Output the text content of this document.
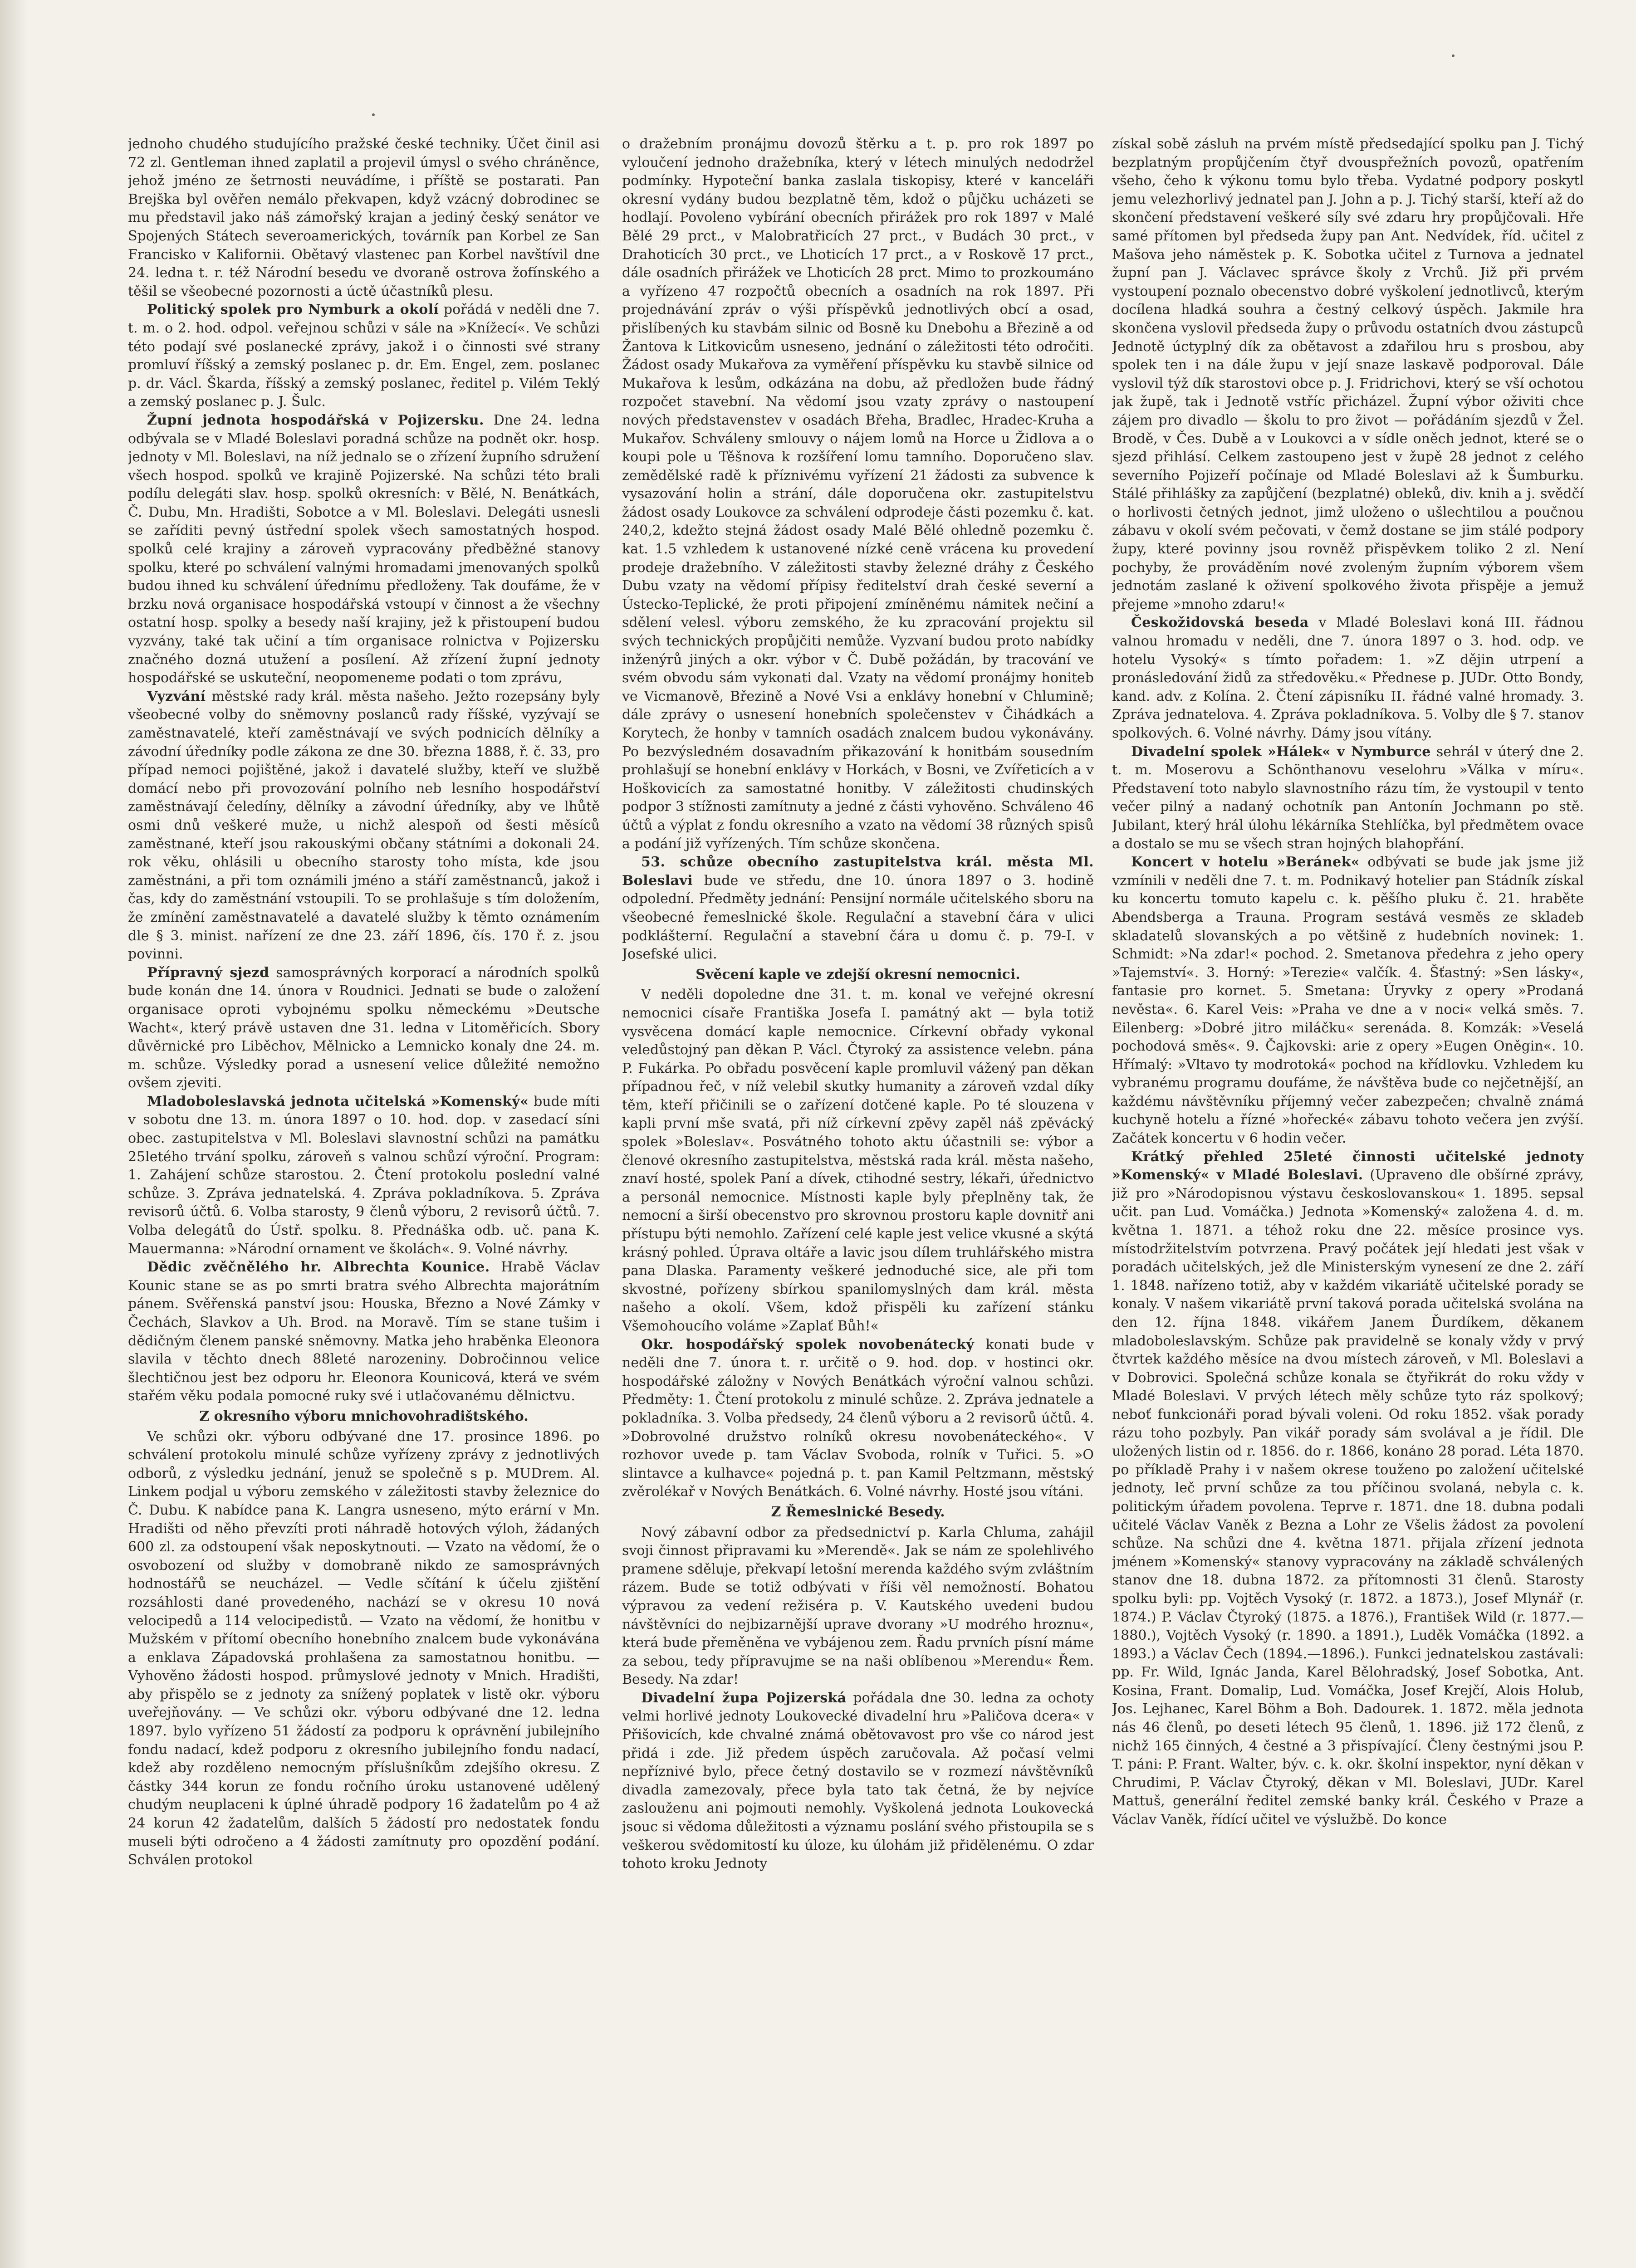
jednoho chudého studujícího pražské české techniky. Účet činil asi 72 zl. Gentleman ihned zaplatil a projevil úmysl o svého chráněnce, jehož jméno ze šetrnosti neuvádíme, i příště se postarati. Pan Brejška byl ověřen nemálo překvapen, když vzácný dobrodinec se mu představil jako náš zámořský krajan a jediný český senátor ve Spojených Státech severoamerických, továrník pan Korbel ze San Francisko v Kalifornii. Obětavý vlastenec pan Korbel navštívil dne 24. ledna t. r. též Národní besedu ve dvoraně ostrova žofínského a těšil se všeobecné pozornosti a úctě účastníků plesu.

Politický spolek pro Nymburk a okolí pořádá v neděli dne 7. t. m. o 2. hod. odpol. veřejnou schůzi v sále na »Knížecí«. Ve schůzi této podají své poslanecké zprávy, jakož i o činnosti své strany promluví říšský a zemský poslanec p. dr. Em. Engel, zem. poslanec p. dr. Václ. Škarda, říšský a zemský poslanec, ředitel p. Vilém Teklý a zemský poslanec p. J. Šulc.

Župní jednota hospodářská v Pojizersku. Dne 24. ledna odbývala se v Mladé Boleslavi poradná schůze na podnět okr. hosp. jednoty v Ml. Boleslavi, na níž jednalo se o zřízení župního sdružení všech hospod. spolků ve krajině Pojizerské. Na schůzi této brali podílu delegáti slav. hosp. spolků okresních: v Bělé, N. Benátkách, Č. Dubu, Mn. Hradišti, Sobotce a v Ml. Boleslavi. Delegáti usnesli se zaříditi pevný ústřední spolek všech samostatných hospod. spolků celé krajiny a zároveň vypracovány předběžné stanovy spolku, které po schválení valnými hromadami jmenovaných spolků budou ihned ku schválení úřednímu předloženy. Tak doufáme, že v brzku nová organisace hospodářská vstoupí v činnost a že všechny ostatní hosp. spolky a besedy naší krajiny, jež k přistoupení budou vyzvány, také tak učiní a tím organisace rolnictva v Pojizersku značného dozná utužení a posílení. Až zřízení župní jednoty hospodářské se uskuteční, neopomeneme podati o tom zprávu,

Vyzvání městské rady král. města našeho. Ježto rozepsány byly všeobecné volby do sněmovny poslanců rady říšské, vyzývají se zaměstnavatelé, kteří zaměstnávají ve svých podnicích dělníky a závodní úředníky podle zákona ze dne 30. března 1888, ř. č. 33, pro případ nemoci pojištěné, jakož i davatelé služby, kteří ve službě domácí nebo při provozování polního neb lesního hospodářství zaměstnávají čeledíny, dělníky a závodní úředníky, aby ve lhůtě osmi dnů veškeré muže, u nichž alespoň od šesti měsíců zaměstnané, kteří jsou rakouskými občany státními a dokonali 24. rok věku, ohlásili u obecního starosty toho místa, kde jsou zaměstnáni, a při tom oznámili jméno a stáří zaměstnanců, jakož i čas, kdy do zaměstnání vstoupili. To se prohlašuje s tím doložením, že zmínění zaměstnavatelé a davatelé služby k těmto oznámením dle § 3. minist. nařízení ze dne 23. září 1896, čís. 170 ř. z. jsou povinni.

Přípravný sjezd samosprávných korporací a národních spolků bude konán dne 14. února v Roudnici. Jednati se bude o založení organisace oproti vybojnému spolku německému »Deutsche Wacht«, který právě ustaven dne 31. ledna v Litoměřicích. Sbory důvěrnické pro Liběchov, Mělnicko a Lemnicko konaly dne 24. m. m. schůze. Výsledky porad a usnesení velice důležité nemožno ovšem zjeviti.

Mladoboleslavská jednota učitelská »Komenský« bude míti v sobotu dne 13. m. února 1897 o 10. hod. dop. v zasedací síni obec. zastupitelstva v Ml. Boleslavi slavnostní schůzi na památku 25letého trvání spolku, zároveň s valnou schůzí výroční. Program: 1. Zahájení schůze starostou. 2. Čtení protokolu poslední valné schůze. 3. Zpráva jednatelská. 4. Zpráva pokladníkova. 5. Zpráva revisorů účtů. 6. Volba starosty, 9 členů výboru, 2 revisorů účtů. 7. Volba delegátů do Ústř. spolku. 8. Přednáška odb. uč. pana K. Mauermanna: »Národní ornament ve školách«. 9. Volné návrhy.

Dědic zvěčnělého hr. Albrechta Kounice. Hrabě Václav Kounic stane se as po smrti bratra svého Albrechta majorátním pánem. Svěřenská panství jsou: Houska, Březno a Nové Zámky v Čechách, Slavkov a Uh. Brod. na Moravě. Tím se stane tušim i dědičným členem panské sněmovny. Matka jeho hraběnka Eleonora slavila v těchto dnech 88leté narozeniny. Dobročinnou velice šlechtičnou jest bez odporu hr. Eleonora Kounicová, která ve svém stařém věku podala pomocné ruky své i utlačovanému dělnictvu.

Z okresního výboru mnichovohradištského.

Ve schůzi okr. výboru odbývané dne 17. prosince 1896. po schválení protokolu minulé schůze vyřízeny zprávy z jednotlivých odborů, z výsledku jednání, jenuž se společně s p. MUDrem. Al. Linkem podjal u výboru zemského v záležitosti stavby železnice do Č. Dubu. K nabídce pana K. Langra usneseno, mýto erární v Mn. Hradišti od něho převzíti proti náhradě hotových výloh, žádaných 600 zl. za odstoupení však neposkytnouti. — Vzato na vědomí, že o osvobození od služby v domobraně nikdo ze samosprávných hodnostářů se neucházel. — Vedle sčítání k účelu zjištění rozsáhlosti dané provedeného, nachází se v okresu 10 nová velocipedů a 114 velocipedistů. — Vzato na vědomí, že honitbu v Mužském v přítomí obecního honebního znalcem bude vykonávána a enklava Západovská prohlašena za samostatnou honitbu. — Vyhověno žádosti hospod. průmyslové jednoty v Mnich. Hradišti, aby přispělo se z jednoty za snížený poplatek v listě okr. výboru uveřejňovány. — Ve schůzi okr. výboru odbývané dne 12. ledna 1897. bylo vyřízeno 51 žádostí za podporu k oprávnění jubilejního fondu nadací, kdež podporu z okresního jubilejního fondu nadací, kdež aby rozděleno nemocným příslušníkům zdejšího okresu. Z částky 344 korun ze fondu ročního úroku ustanovené udělený chudým neuplaceni k úplné úhradě podpory 16 žadatelům po 4 až 24 korun 42 žadatelům, dalších 5 žádostí pro nedostatek fondu museli býti odročeno a 4 žádosti zamítnuty pro opozdění podání. Schválen protokol

o dražebním pronájmu dovozů štěrku a t. p. pro rok 1897 po vyloučení jednoho dražebníka, který v létech minulých nedodržel podmínky. Hypoteční banka zaslala tiskopisy, které v kanceláři okresní vydány budou bezplatně těm, kdož o půjčku ucházeti se hodlají. Povoleno vybírání obecních přirážek pro rok 1897 v Malé Bělé 29 prct., v Malobratřicích 27 prct., v Budách 30 prct., v Drahoticích 30 prct., ve Lhoticích 17 prct., a v Roskově 17 prct., dále osadních přirážek ve Lhoticích 28 prct. Mimo to prozkoumáno a vyřízeno 47 rozpočtů obecních a osadních na rok 1897. Při projednávání zpráv o výši příspěvků jednotlivých obcí a osad, přislíbených ku stavbám silnic od Bosně ku Dnebohu a Březině a od Žantova k Litkovicům usneseno, jednání o záležitosti této odročiti. Žádost osady Mukařova za vyměření příspěvku ku stavbě silnice od Mukařova k lesům, odkázána na dobu, až předložen bude řádný rozpočet stavební. Na vědomí jsou vzaty zprávy o nastoupení nových představenstev v osadách Břeha, Bradlec, Hradec-Kruha a Mukařov. Schváleny smlouvy o nájem lomů na Horce u Židlova a o koupi pole u Těšnova k rozšíření lomu tamního. Doporučeno slav. zemědělské radě k příznivému vyřízení 21 žádosti za subvence k vysazování holin a strání, dále doporučena okr. zastupitelstvu žádost osady Loukovce za schválení odprodeje části pozemku č. kat. 240,2, kdežto stejná žádost osady Malé Bělé ohledně pozemku č. kat. 1.5 vzhledem k ustanovené nízké ceně vrácena ku provedení prodeje dražebního. V záležitosti stavby železné dráhy z Českého Dubu vzaty na vědomí přípisy ředitelství drah české severní a Ústecko-Teplické, že proti připojení zmíněnému námitek nečiní a sdělení velesl. výboru zemského, že ku zpracování projektu sil svých technických propůjčiti nemůže. Vyzvaní budou proto nabídky inženýrů jiných a okr. výbor v Č. Dubě požádán, by tracování ve svém obvodu sám vykonati dal. Vzaty na vědomí pronájmy honiteb ve Vicmanově, Březině a Nové Vsi a enklávy honební v Chlumině; dále zprávy o usnesení honebních společenstev v Čihádkách a Korytech, že honby v tamních osadách znalcem budou vykonávány. Po bezvýsledném dosavadním přikazování k honitbám sousedním prohlašují se honební enklávy v Horkách, v Bosni, ve Zvířeticích a v Hoškovicích za samostatné honitby. V záležitosti chudinských podpor 3 stížnosti zamítnuty a jedné z části vyhověno. Schváleno 46 účtů a výplat z fondu okresního a vzato na vědomí 38 různých spisů a podání již vyřízených. Tím schůze skončena.

53. schůze obecního zastupitelstva král. města Ml. Boleslavi bude ve středu, dne 10. února 1897 o 3. hodině odpolední. Předměty jednání: Pensijní normále učitelského sboru na všeobecné řemeslnické škole. Regulační a stavební čára v ulici podklášterní. Regulační a stavební čára u domu č. p. 79-I. v Josefské ulici.

Svěcení kaple ve zdejší okresní nemocnici.

V neděli dopoledne dne 31. t. m. konal ve veřejné okresní nemocnici císaře Františka Josefa I. památný akt — byla totiž vysvěcena domácí kaple nemocnice. Církevní obřady vykonal veledůstojný pan děkan P. Václ. Čtyroký za assistence velebn. pána P. Fukárka. Po obřadu posvěcení kaple promluvil vážený pan děkan případnou řeč, v níž velebil skutky humanity a zároveň vzdal díky těm, kteří přičinili se o zařízení dotčené kaple. Po té slouzena v kapli první mše svatá, při níž církevní zpěvy zapěl náš zpěvácký spolek »Boleslav«. Posvátného tohoto aktu účastnili se: výbor a členové okresního zastupitelstva, městská rada král. města našeho, znaví hosté, spolek Paní a dívek, ctihodné sestry, lékaři, úřednictvo a personál nemocnice. Místnosti kaple byly přeplněny tak, že nemocní a širší obecenstvo pro skrovnou prostoru kaple dovnitř ani přístupu býti nemohlo. Zařízení celé kaple jest velice vkusné a skýtá krásný pohled. Úprava oltáře a lavic jsou dílem truhlářského mistra pana Dlaska. Paramenty veškeré jednoduché sice, ale při tom skvostné, pořízeny sbírkou spanilomyslných dam král. města našeho a okolí. Všem, kdož přispěli ku zařízení stánku Všemohoucího voláme »Zaplať Bůh!«

Okr. hospodářský spolek novobenátecký konati bude v neděli dne 7. února t. r. určitě o 9. hod. dop. v hostinci okr. hospodářské záložny v Nových Benátkách výroční valnou schůzi. Předměty: 1. Čtení protokolu z minulé schůze. 2. Zpráva jednatele a pokladníka. 3. Volba předsedy, 24 členů výboru a 2 revisorů účtů. 4. »Dobrovolné družstvo rolníků okresu novobenáteckého«. V rozhovor uvede p. tam Václav Svoboda, rolník v Tuřici. 5. »O slintavce a kulhavce« pojedná p. t. pan Kamil Peltzmann, městský zvěrolékař v Nových Benátkách. 6. Volné návrhy. Hosté jsou vítáni.

Z Řemeslnické Besedy.

Nový zábavní odbor za předsednictví p. Karla Chluma, zahájil svoji činnost připravami ku »Merendě«. Jak se nám ze spolehlivého pramene sděluje, překvapí letošní merenda každého svým zvláštním rázem. Bude se totiž odbývati v říši věl nemožností. Bohatou výpravou za vedení režiséra p. V. Kautského uvedeni budou návštěvníci do nejbizarnější uprave dvorany »U modrého hroznu«, která bude přeměněna ve vybájenou zem. Řadu prvních písní máme za sebou, tedy přípravujme se na naši oblíbenou »Merendu« Řem. Besedy. Na zdar!

Divadelní župa Pojizerská pořádala dne 30. ledna za ochoty velmi horlivé jednoty Loukovecké divadelní hru »Paličova dcera« v Přišovicích, kde chvalné známá obětovavost pro vše co národ jest přidá i zde. Již předem úspěch zaručovala. Až počasí velmi nepříznivé bylo, přece četný dostavilo se v rozmezí návštěvníků divadla zamezovaly, přece byla tato tak četná, že by nejvíce zaslouženu ani pojmouti nemohly. Vyškolená jednota Loukovecká jsouc si vědoma důležitosti a významu poslání svého přistoupila se s veškerou svědomitostí ku úloze, ku úlohám již přidělenému. O zdar tohoto kroku Jednoty

získal sobě zásluh na prvém místě předsedající spolku pan J. Tichý bezplatným propůjčením čtyř dvouspřežních povozů, opatřením všeho, čeho k výkonu tomu bylo třeba. Vydatné podpory poskytl jemu velezhorlivý jednatel pan J. John a p. J. Tichý starší, kteří až do skončení představení veškeré síly své zdaru hry propůjčovali. Hře samé přítomen byl předseda župy pan Ant. Nedvídek, říd. učitel z Mašova jeho náměstek p. K. Sobotka učitel z Turnova a jednatel župní pan J. Václavec správce školy z Vrchů. Již při prvém vystoupení poznalo obecenstvo dobré vyškolení jednotlivců, kterým docílena hladká souhra a čestný celkový úspěch. Jakmile hra skončena vyslovil předseda župy o průvodu ostatních dvou zástupců Jednotě úctyplný dík za obětavost a zdařilou hru s prosbou, aby spolek ten i na dále župu v její snaze laskavě podporoval. Dále vyslovil týž dík starostovi obce p. J. Fridrichovi, který se vší ochotou jak župě, tak i Jednotě vstříc přicházel. Župní výbor oživiti chce zájem pro divadlo — školu to pro život — pořádáním sjezdů v Žel. Brodě, v Čes. Dubě a v Loukovci a v sídle oněch jednot, které se o sjezd přihlásí. Celkem zastoupeno jest v župě 28 jednot z celého severního Pojizeří počínaje od Mladé Boleslavi až k Šumburku. Stálé přihlášky za zapůjčení (bezplatné) obleků, div. knih a j. svědčí o horlivosti četných jednot, jimž uloženo o ušlechtilou a poučnou zábavu v okolí svém pečovati, v čemž dostane se jim stálé podpory župy, které povinny jsou rovněž přispěvkem toliko 2 zl. Není pochyby, že prováděním nové zvoleným župním výborem všem jednotám zaslané k oživení spolkového života přispěje a jemuž přejeme »mnoho zdaru!«

Českožidovská beseda v Mladé Boleslavi koná III. řádnou valnou hromadu v neděli, dne 7. února 1897 o 3. hod. odp. ve hotelu Vysoký« s tímto pořadem: 1. »Z dějin utrpení a pronásledování židů za středověku.« Přednese p. JUDr. Otto Bondy, kand. adv. z Kolína. 2. Čtení zápisníku II. řádné valné hromady. 3. Zpráva jednatelova. 4. Zpráva pokladníkova. 5. Volby dle § 7. stanov spolkových. 6. Volné návrhy. Dámy jsou vítány.

Divadelní spolek »Hálek« v Nymburce sehrál v úterý dne 2. t. m. Moserovu a Schönthanovu veselohru »Válka v míru«. Představení toto nabylo slavnostního rázu tím, že vystoupil v tento večer pilný a nadaný ochotník pan Antonín Jochmann po stě. Jubilant, který hrál úlohu lékárníka Stehlíčka, byl předmětem ovace a dostalo se mu se všech stran hojných blahopřání.

Koncert v hotelu »Beránek« odbývati se bude jak jsme již vzmínili v neděli dne 7. t. m. Podnikavý hotelier pan Stádník získal ku koncertu tomuto kapelu c. k. pěšího pluku č. 21. hraběte Abendsberga a Trauna. Program sestává vesměs ze skladeb skladatelů slovanských a po většině z hudebních novinek: 1. Schmidt: »Na zdar!« pochod. 2. Smetanova předehra z jeho opery »Tajemství«. 3. Horný: »Terezie« valčík. 4. Šťastný: »Sen lásky«, fantasie pro kornet. 5. Smetana: Úryvky z opery »Prodaná nevěsta«. 6. Karel Veis: »Praha ve dne a v noci« velká směs. 7. Eilenberg: »Dobré jitro miláčku« serenáda. 8. Komzák: »Veselá pochodová směs«. 9. Čajkovski: arie z opery »Eugen Oněgin«. 10. Hřímalý: »Vltavo ty modrotoká« pochod na křídlovku. Vzhledem ku vybranému programu doufáme, že návštěva bude co nejčetnější, an každému návštěvníku příjemný večer zabezpečen; chvalně známá kuchyně hotelu a řízné »hořecké« zábavu tohoto večera jen zvýší. Začátek koncertu v 6 hodin večer.

Krátký přehled 25leté činnosti učitelské jednoty »Komenský« v Mladé Boleslavi. (Upraveno dle obšírné zprávy, již pro »Národopisnou výstavu českoslovanskou« 1. 1895. sepsal učit. pan Lud. Vomáčka.) Jednota »Komenský« založena 4. d. m. května 1. 1871. a téhož roku dne 22. měsíce prosince vys. místodržitelstvím potvrzena. Pravý počátek její hledati jest však v poradách učitelských, jež dle Ministerským vynesení ze dne 2. září 1. 1848. nařízeno totiž, aby v každém vikariátě učitelské porady se konaly. V našem vikariátě první taková porada učitelská svolána na den 12. října 1848. vikářem Janem Ďurdíkem, děkanem mladoboleslavským. Schůze pak pravidelně se konaly vždy v prvý čtvrtek každého měsíce na dvou místech zároveň, v Ml. Boleslavi a v Dobrovici. Společná schůze konala se čtyřikrát do roku vždy v Mladé Boleslavi. V prvých létech měly schůze tyto ráz spolkový; neboť funkcionáři porad bývali voleni. Od roku 1852. však porady rázu toho pozbyly. Pan vikář porady sám svolával a je řídil. Dle uložených listin od r. 1856. do r. 1866, konáno 28 porad. Léta 1870. po příkladě Prahy i v našem okrese touženo po založení učitelské jednoty, leč první schůze za tou příčinou svolaná, nebyla c. k. politickým úřadem povolena. Teprve r. 1871. dne 18. dubna podali učitelé Václav Vaněk z Bezna a Lohr ze Všelis žádost za povolení schůze. Na schůzi dne 4. května 1871. přijala zřízení jednota jménem »Komenský« stanovy vypracovány na základě schválených stanov dne 18. dubna 1872. za přítomnosti 31 členů. Starosty spolku byli: pp. Vojtěch Vysoký (r. 1872. a 1873.), Josef Mlynář (r. 1874.) P. Václav Čtyroký (1875. a 1876.), František Wild (r. 1877.—1880.), Vojtěch Vysoký (r. 1890. a 1891.), Luděk Vomáčka (1892. a 1893.) a Václav Čech (1894.—1896.). Funkci jednatelskou zastávali: pp. Fr. Wild, Ignác Janda, Karel Bělohradský, Josef Sobotka, Ant. Kosina, Frant. Domalip, Lud. Vomáčka, Josef Krejčí, Alois Holub, Jos. Lejhanec, Karel Böhm a Boh. Dadourek. 1. 1872. měla jednota nás 46 členů, po deseti létech 95 členů, 1. 1896. již 172 členů, z nichž 165 činných, 4 čestné a 3 přispívající. Členy čestnými jsou P. T. páni: P. Frant. Walter, býv. c. k. okr. školní inspektor, nyní děkan v Chrudimi, P. Václav Čtyroký, děkan v Ml. Boleslavi, JUDr. Karel Mattuš, generální ředitel zemské banky král. Českého v Praze a Václav Vaněk, řídící učitel ve výslužbě. Do konce
